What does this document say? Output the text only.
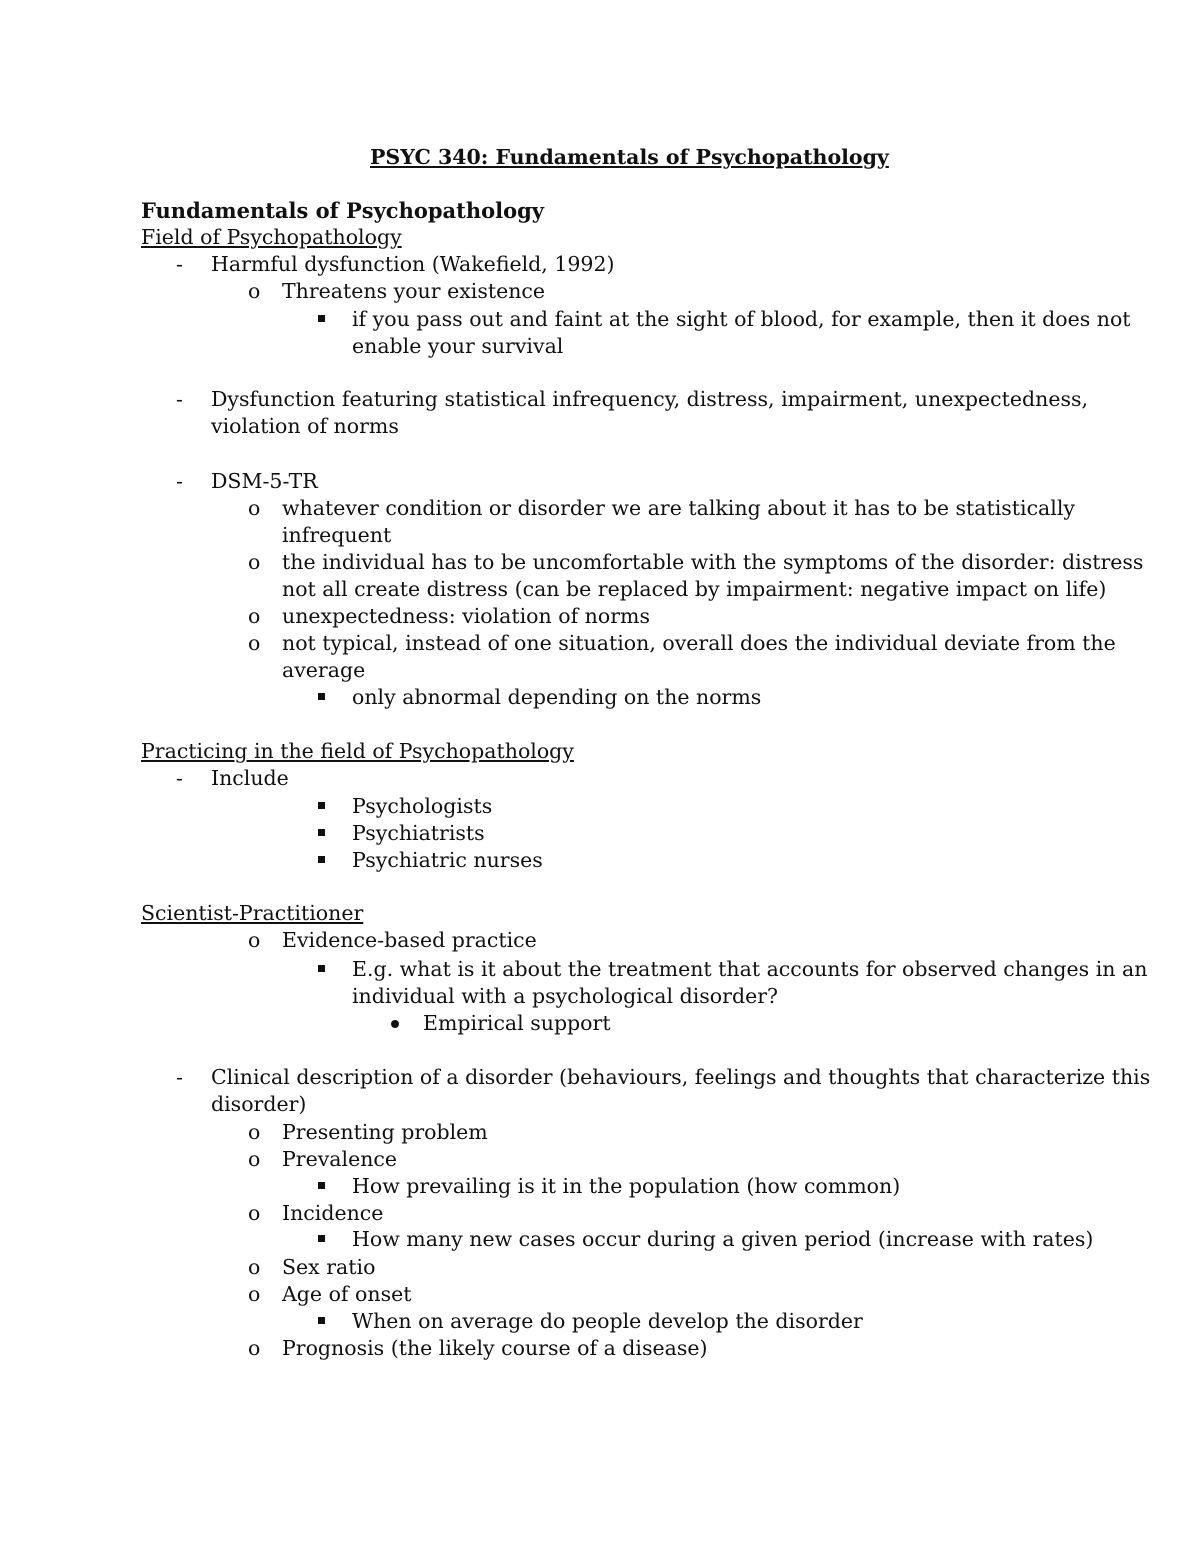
PSYC 340: Fundamentals of Psychopathology
Fundamentals of Psychopathology
Field of Psychopathology
- Harmful dysfunction (Wakefield, 1992)
o Threatens your existence
if you pass out and faint at the sight of blood, for example, then it does not
enable your survival
- Dysfunction featuring statistical infrequency, distress, impairment, unexpectedness,
violation of norms
- DSM-5-TR
o whatever condition or disorder we are talking about it has to be statistically
infrequent
o the individual has to be uncomfortable with the symptoms of the disorder: distress
not all create distress (can be replaced by impairment: negative impact on life)
o unexpectedness: violation of norms
o not typical, instead of one situation, overall does the individual deviate from the
average
only abnormal depending on the norms
Practicing in the field of Psychopathology
- Include
Psychologists
Psychiatrists
Psychiatric nurses
Scientist-Practitioner
o Evidence-based practice
E.g. what is it about the treatment that accounts for observed changes in an
individual with a psychological disorder?
Empirical support
- Clinical description of a disorder (behaviours, feelings and thoughts that characterize this
disorder)
o Presenting problem
o Prevalence
How prevailing is it in the population (how common)
o Incidence
How many new cases occur during a given period (increase with rates)
o Sex ratio
o Age of onset
When on average do people develop the disorder
o Prognosis (the likely course of a disease)
